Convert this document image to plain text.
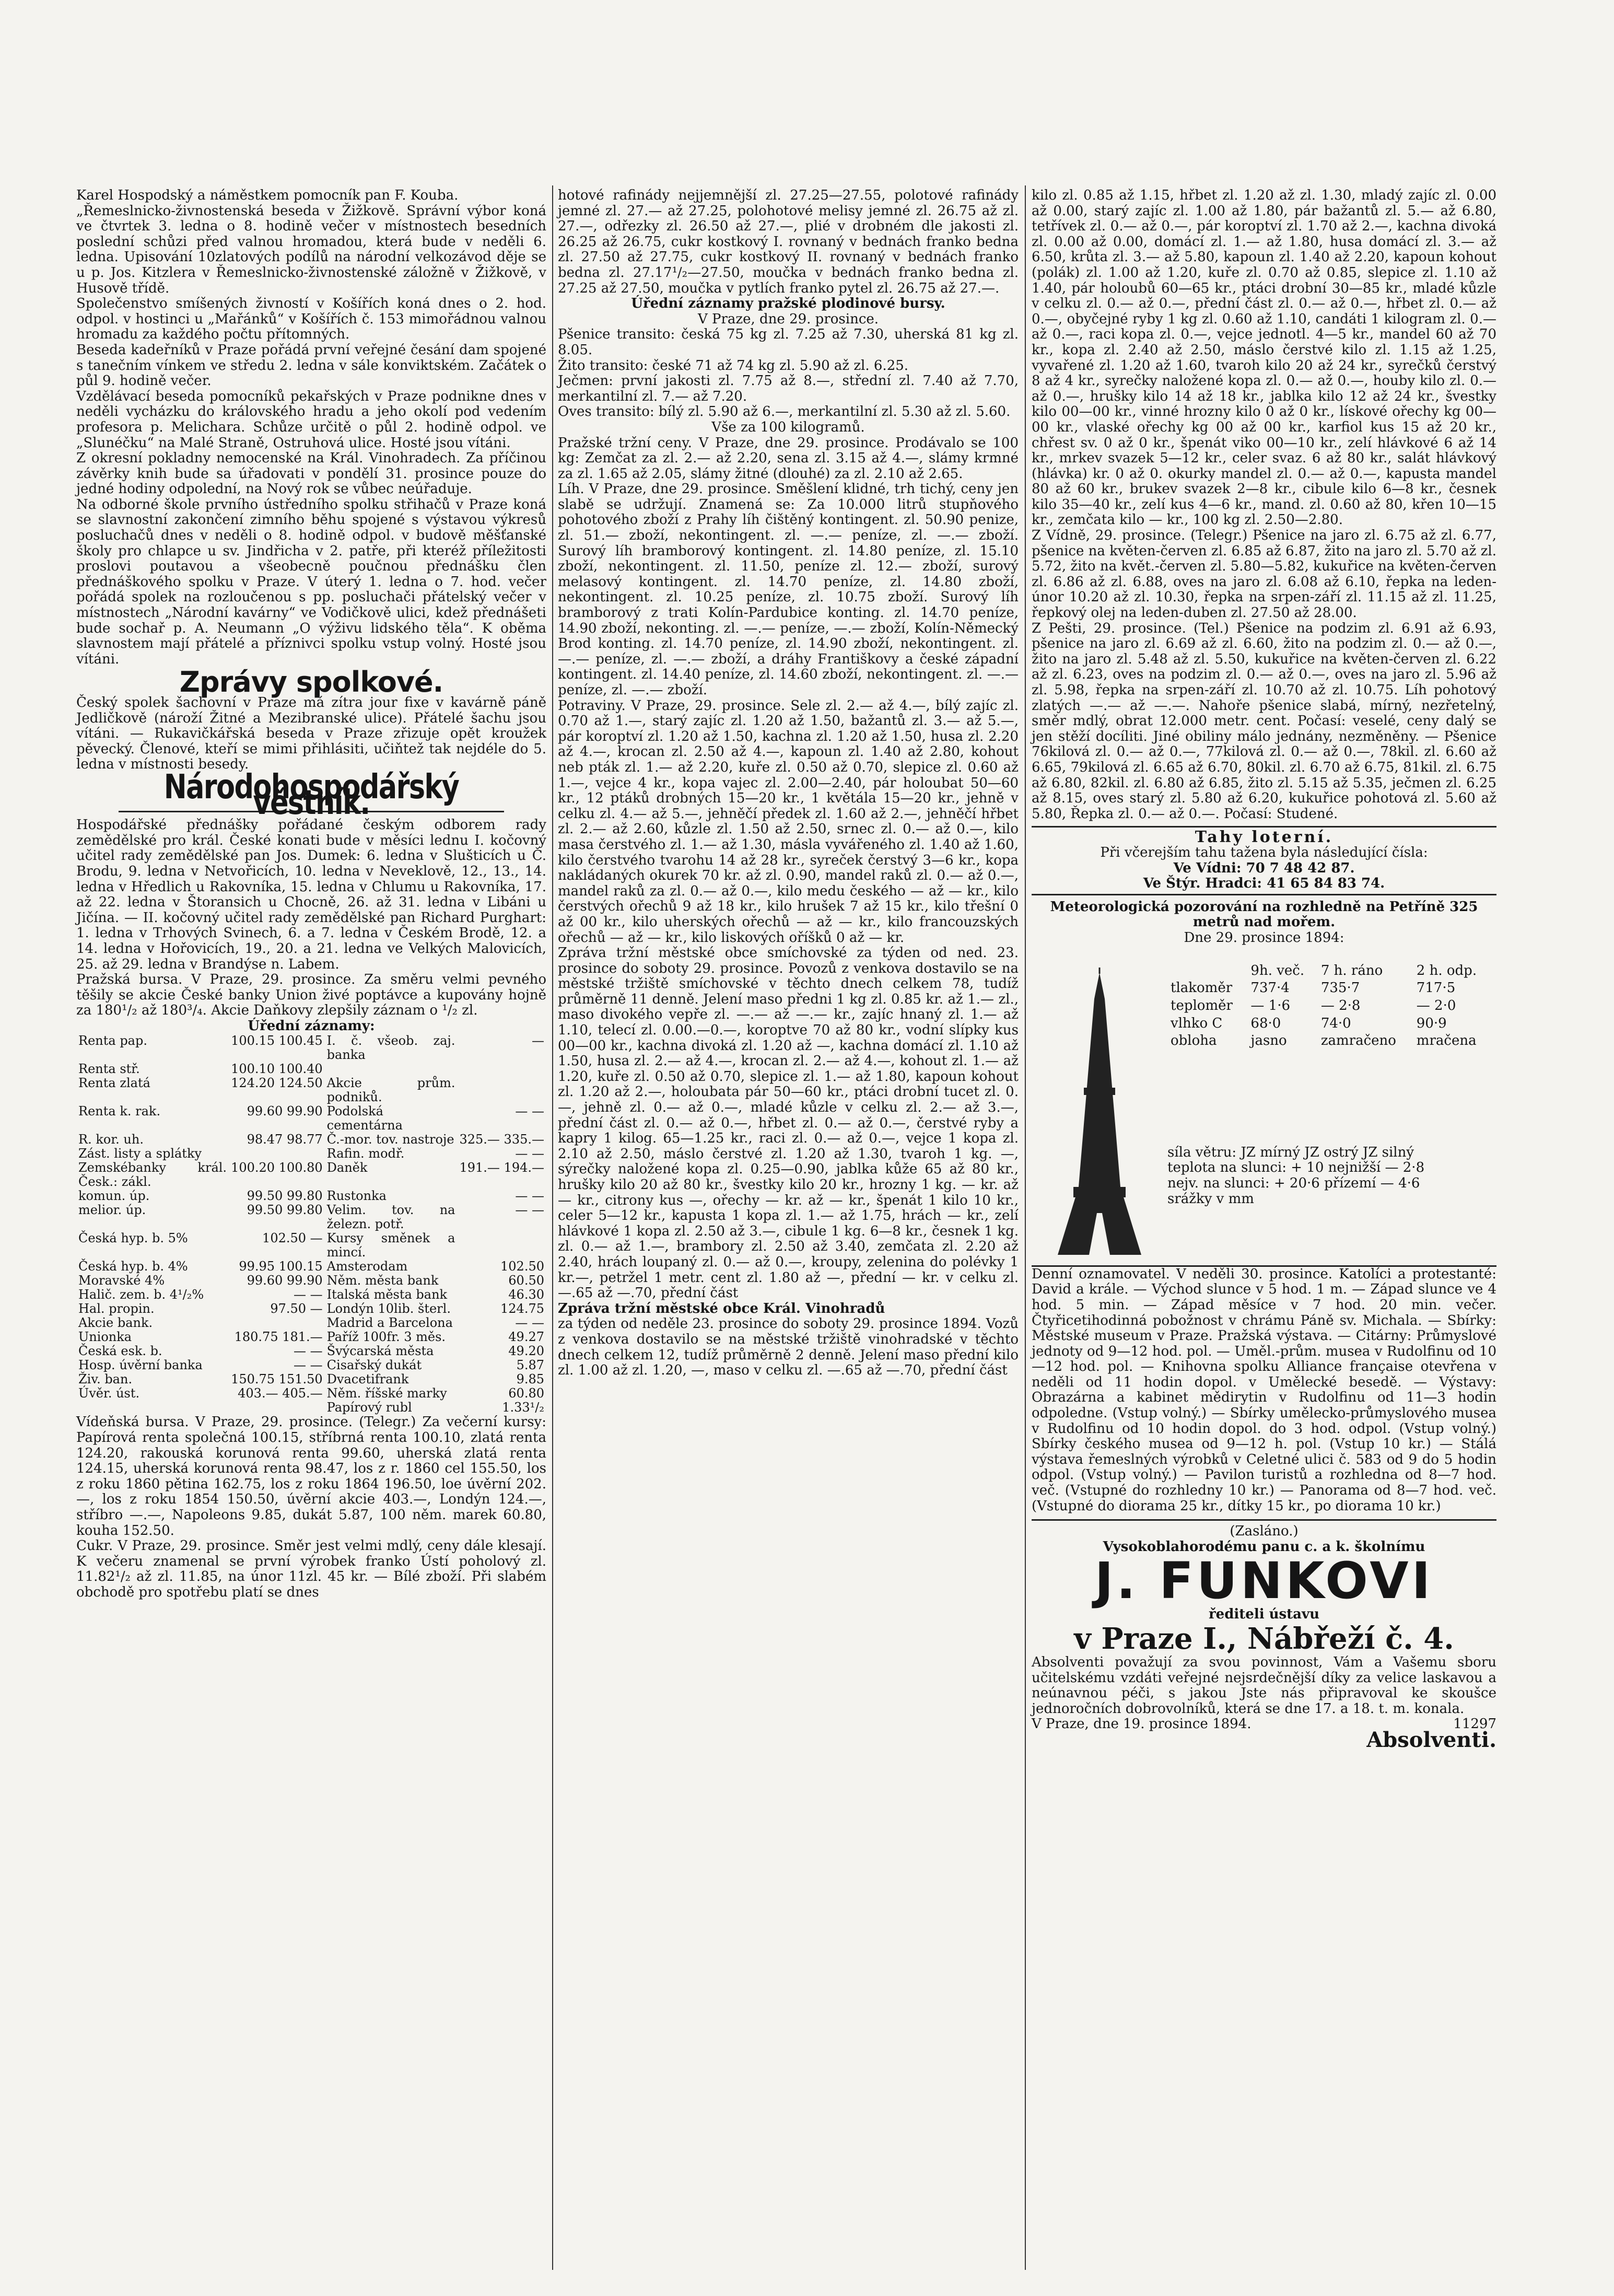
Karel Hospodský a náměstkem pomocník pan F. Kouba.

„Řemeslnicko-živnostenská beseda v Žižkově. Správní výbor koná ve čtvrtek 3. ledna o 8. hodině večer v místnostech besedních poslední schůzi před valnou hromadou, která bude v neděli 6. ledna. Upisování 10zlatových podílů na národní velkozávod děje se u p. Jos. Kitzlera v Řemeslnicko-živnostenské záložně v Žižkově, v Husově třídě.

Společenstvo smíšených živností v Košířích koná dnes o 2. hod. odpol. v hostinci u „Mařánků“ v Košířích č. 153 mimořádnou valnou hromadu za každého počtu přítomných.

Beseda kadeřníků v Praze pořádá první veřejné česání dam spojené s tanečním vínkem ve středu 2. ledna v sále konviktském. Začátek o půl 9. hodině večer.

Vzdělávací beseda pomocníků pekařských v Praze podnikne dnes v neděli vycházku do královského hradu a jeho okolí pod vedením profesora p. Melichara. Schůze určitě o půl 2. hodině odpol. ve „Slunéčku“ na Malé Straně, Ostruhová ulice. Hosté jsou vítáni.

Z okresní pokladny nemocenské na Král. Vinohradech. Za příčinou závěrky knih bude sa úřadovati v pondělí 31. prosince pouze do jedné hodiny odpolední, na Nový rok se vůbec neúřaduje.

Na odborné škole prvního ústředního spolku střihačů v Praze koná se slavnostní zakončení zimního běhu spojené s výstavou výkresů posluchačů dnes v neděli o 8. hodině odpol. v budově měšťanské školy pro chlapce u sv. Jindřicha v 2. patře, při kteréž příležitosti proslovi poutavou a všeobecně poučnou přednášku člen přednáškového spolku v Praze. V úterý 1. ledna o 7. hod. večer pořádá spolek na rozloučenou s pp. posluchači přátelský večer v místnostech „Národní kavárny“ ve Vodičkově ulici, kdež přednášeti bude sochař p. A. Neumann „O výživu lidského těla“. K oběma slavnostem mají přátelé a příznivci spolku vstup volný. Hosté jsou vítáni.

Zprávy spolkové.

Český spolek šachovní v Praze má zítra jour fixe v kavárně páně Jedličkově (nároží Žitné a Mezibranské ulice). Přátelé šachu jsou vítáni. — Rukavičkářská beseda v Praze zřizuje opět kroužek pěvecký. Členové, kteří se mimi přihlásiti, učiňtež tak nejdéle do 5. ledna v místnosti besedy.

Národohospodářský věstník.

Hospodářské přednášky pořádané českým odborem rady zemědělské pro král. České konati bude v měsíci lednu I. kočovný učitel rady zemědělské pan Jos. Dumek: 6. ledna v Slušticích u Č. Brodu, 9. ledna v Netvořicích, 10. ledna v Neveklově, 12., 13., 14. ledna v Hředlich u Rakovníka, 15. ledna v Chlumu u Rakovníka, 17. až 22. ledna v Štoransich u Chocně, 26. až 31. ledna v Libáni u Jičína. — II. kočovný učitel rady zemědělské pan Richard Purghart: 1. ledna v Trhových Svinech, 6. a 7. ledna v Českém Brodě, 12. a 14. ledna v Hořovicích, 19., 20. a 21. ledna ve Velkých Malovicích, 25. až 29. ledna v Brandýse n. Labem.

Pražská bursa. V Praze, 29. prosince. Za směru velmi pevného těšily se akcie České banky Union živé poptávce a kupovány hojně za 180¹/₂ až 180³/₄. Akcie Daňkovy zlepšily záznam o ¹/₂ zl.

Úřední záznamy:
Renta pap.	100.15 100.45	I. č. všeob. zaj. banka	—
Renta stř.	100.10 100.40		
Renta zlatá	124.20 124.50	Akcie prům. podniků.	
Renta k. rak.	99.60 99.90	Podolská cementárna	— —
R. kor. uh.	98.47 98.77	Č.-mor. tov. nastroje	325.— 335.—
Zást. listy a splátky		Rafin. modř.	— —
Zemskébanky král. Česk.: zákl.	100.20 100.80	Daněk	191.— 194.—
komun. úp.	99.50 99.80	Rustonka	— —
melior. úp.	99.50 99.80	Velim. tov. na železn. potř.	— —
Česká hyp. b. 5%	102.50 —	Kursy směnek a mincí.	
Česká hyp. b. 4%	99.95 100.15	Amsterodam	102.50
Moravské 4%	99.60 99.90	Něm. města bank	60.50
Halič. zem. b. 4¹/₂%	— —	Italská města bank	46.30
Hal. propin.	97.50 —	Londýn 10lib. šterl.	124.75
Akcie bank.		Madrid a Barcelona	— —
Unionka	180.75 181.—	Paříž 100fr. 3 měs.	49.27
Česká esk. b.	— —	Švýcarská města	49.20
Hosp. úvěrní banka	— —	Cisařský dukát	5.87
Živ. ban.	150.75 151.50	Dvacetifrank	9.85
Úvěr. úst.	403.— 405.—	Něm. říšské marky	60.80
		Papírový rubl	1.33¹/₂

Vídeňská bursa. V Praze, 29. prosince. (Telegr.) Za večerní kursy: Papírová renta společná 100.15, stříbrná renta 100.10, zlatá renta 124.20, rakouská korunová renta 99.60, uherská zlatá renta 124.15, uherská korunová renta 98.47, los z r. 1860 cel 155.50, los z roku 1860 pětina 162.75, los z roku 1864 196.50, loe úvěrní 202.—, los z roku 1854 150.50, úvěrní akcie 403.—, Londýn 124.—, stříbro —.—, Napoleons 9.85, dukát 5.87, 100 něm. marek 60.80, kouha 152.50.

Cukr. V Praze, 29. prosince. Směr jest velmi mdlý, ceny dále klesají. K večeru znamenal se první výrobek franko Ústí poholový zl. 11.82¹/₂ až zl. 11.85, na únor 11zl. 45 kr. — Bílé zboží. Při slabém obchodě pro spotřebu platí se dnes

hotové rafinády nejjemnější zl. 27.25—27.55, polotové rafinády jemné zl. 27.— až 27.25, polohotové melisy jemné zl. 26.75 až zl. 27.—, odřezky zl. 26.50 až 27.—, plié v drobném dle jakosti zl. 26.25 až 26.75, cukr kostkový I. rovnaný v bednách franko bedna zl. 27.50 až 27.75, cukr kostkový II. rovnaný v bednách franko bedna zl. 27.17¹/₂—27.50, moučka v bednách franko bedna zl. 27.25 až 27.50, moučka v pytlích franko pytel zl. 26.75 až 27.—.

Úřední záznamy pražské plodinové bursy.
V Praze, dne 29. prosince.

Pšenice transito: česká 75 kg zl. 7.25 až 7.30, uherská 81 kg zl. 8.05.

Žito transito: české 71 až 74 kg zl. 5.90 až zl. 6.25.

Ječmen: první jakosti zl. 7.75 až 8.—, střední zl. 7.40 až 7.70, merkantilní zl. 7.— až 7.20.

Oves transito: bílý zl. 5.90 až 6.—, merkantilní zl. 5.30 až zl. 5.60.

Vše za 100 kilogramů.

Pražské tržní ceny. V Praze, dne 29. prosince. Prodávalo se 100 kg: Zemčat za zl. 2.— až 2.20, sena zl. 3.15 až 4.—, slámy krmné za zl. 1.65 až 2.05, slámy žitné (dlouhé) za zl. 2.10 až 2.65.

Líh. V Praze, dne 29. prosince. Směšlení klidné, trh tichý, ceny jen slabě se udržují. Znamená se: Za 10.000 litrů stupňového pohotového zboží z Prahy líh čištěný kontingent. zl. 50.90 penize, zl. 51.— zboží, nekontingent. zl. —.— peníze, zl. —.— zboží. Surový líh bramborový kontingent. zl. 14.80 peníze, zl. 15.10 zboží, nekontingent. zl. 11.50, peníze zl. 12.— zboží, surový melasový kontingent. zl. 14.70 peníze, zl. 14.80 zboží, nekontingent. zl. 10.25 peníze, zl. 10.75 zboží. Surový líh bramborový z trati Kolín-Pardubice konting. zl. 14.70 peníze, 14.90 zboží, nekonting. zl. —.— peníze, —.— zboží, Kolín-Německý Brod konting. zl. 14.70 peníze, zl. 14.90 zboží, nekontingent. zl. —.— peníze, zl. —.— zboží, a dráhy Františkovy a české západní kontingent. zl. 14.40 peníze, zl. 14.60 zboží, nekontingent. zl. —.— peníze, zl. —.— zboží.

Potraviny. V Praze, 29. prosince. Sele zl. 2.— až 4.—, bílý zajíc zl. 0.70 až 1.—, starý zajíc zl. 1.20 až 1.50, bažantů zl. 3.— až 5.—, pár koroptví zl. 1.20 až 1.50, kachna zl. 1.20 až 1.50, husa zl. 2.20 až 4.—, krocan zl. 2.50 až 4.—, kapoun zl. 1.40 až 2.80, kohout neb pták zl. 1.— až 2.20, kuře zl. 0.50 až 0.70, slepice zl. 0.60 až 1.—, vejce 4 kr., kopa vajec zl. 2.00—2.40, pár holoubat 50—60 kr., 12 ptáků drobných 15—20 kr., 1 květála 15—20 kr., jehně v celku zl. 4.— až 5.—, jehněčí předek zl. 1.60 až 2.—, jehněčí hřbet zl. 2.— až 2.60, kůzle zl. 1.50 až 2.50, srnec zl. 0.— až 0.—, kilo masa čerstvého zl. 1.— až 1.30, másla vyvářeného zl. 1.40 až 1.60, kilo čerstvého tvarohu 14 až 28 kr., syreček čerstvý 3—6 kr., kopa nakládaných okurek 70 kr. až zl. 0.90, mandel raků zl. 0.— až 0.—, mandel raků za zl. 0.— až 0.—, kilo medu českého — až — kr., kilo čerstvých ořechů 9 až 18 kr., kilo hrušek 7 až 15 kr., kilo třešní 0 až 00 kr., kilo uherských ořechů — až — kr., kilo francouzských ořechů — až — kr., kilo liskových oříšků 0 až — kr.

Zpráva tržní městské obce smíchovské za týden od ned. 23. prosince do soboty 29. prosince. Povozů z venkova dostavilo se na městské tržiště smíchovské v těchto dnech celkem 78, tudíž průměrně 11 denně. Jelení maso předni 1 kg zl. 0.85 kr. až 1.— zl., maso divokého vepře zl. —.— až —.— kr., zajíc hnaný zl. 1.— až 1.10, telecí zl. 0.00.—0.—, koroptve 70 až 80 kr., vodní slípky kus 00—00 kr., kachna divoká zl. 1.20 až —, kachna domácí zl. 1.10 až 1.50, husa zl. 2.— až 4.—, krocan zl. 2.— až 4.—, kohout zl. 1.— až 1.20, kuře zl. 0.50 až 0.70, slepice zl. 1.— až 1.80, kapoun kohout zl. 1.20 až 2.—, holoubata pár 50—60 kr., ptáci drobní tucet zl. 0.—, jehně zl. 0.— až 0.—, mladé kůzle v celku zl. 2.— až 3.—, přední část zl. 0.— až 0.—, hřbet zl. 0.— až 0.—, čerstvé ryby a kapry 1 kilog. 65—1.25 kr., raci zl. 0.— až 0.—, vejce 1 kopa zl. 2.10 až 2.50, máslo čerstvé zl. 1.20 až 1.30, tvaroh 1 kg. —, sýrečky naložené kopa zl. 0.25—0.90, jablka kůže 65 až 80 kr., hrušky kilo 20 až 80 kr., švestky kilo 20 kr., hrozny 1 kg. — kr. až — kr., citrony kus —, ořechy — kr. až — kr., špenát 1 kilo 10 kr., celer 5—12 kr., kapusta 1 kopa zl. 1.— až 1.75, hrách — kr., zelí hlávkové 1 kopa zl. 2.50 až 3.—, cibule 1 kg. 6—8 kr., česnek 1 kg. zl. 0.— až 1.—, brambory zl. 2.50 až 3.40, zemčata zl. 2.20 až 2.40, hrách loupaný zl. 0.— až 0.—, kroupy, zelenina do polévky 1 kr.—, petržel 1 metr. cent zl. 1.80 až —, přední — kr. v celku zl. —.65 až —.70, přední část

Zpráva tržní městské obce Král. Vinohradů

za týden od neděle 23. prosince do soboty 29. prosince 1894. Vozů z venkova dostavilo se na městské tržiště vinohradské v těchto dnech celkem 12, tudíž průměrně 2 denně. Jelení maso přední kilo zl. 1.00 až zl. 1.20, —, maso v celku zl. —.65 až —.70, přední část

kilo zl. 0.85 až 1.15, hřbet zl. 1.20 až zl. 1.30, mladý zajíc zl. 0.00 až 0.00, starý zajíc zl. 1.00 až 1.80, pár bažantů zl. 5.— až 6.80, tetřívek zl. 0.— až 0.—, pár koroptví zl. 1.70 až 2.—, kachna divoká zl. 0.00 až 0.00, domácí zl. 1.— až 1.80, husa domácí zl. 3.— až 6.50, krůta zl. 3.— až 5.80, kapoun zl. 1.40 až 2.20, kapoun kohout (polák) zl. 1.00 až 1.20, kuře zl. 0.70 až 0.85, slepice zl. 1.10 až 1.40, pár holoubů 60—65 kr., ptáci drobní 30—85 kr., mladé kůzle v celku zl. 0.— až 0.—, přední část zl. 0.— až 0.—, hřbet zl. 0.— až 0.—, obyčejné ryby 1 kg zl. 0.60 až 1.10, candáti 1 kilogram zl. 0.— až 0.—, raci kopa zl. 0.—, vejce jednotl. 4—5 kr., mandel 60 až 70 kr., kopa zl. 2.40 až 2.50, máslo čerstvé kilo zl. 1.15 až 1.25, vyvařené zl. 1.20 až 1.60, tvaroh kilo 20 až 24 kr., syrečků čerstvý 8 až 4 kr., syrečky naložené kopa zl. 0.— až 0.—, houby kilo zl. 0.— až 0.—, hrušky kilo 14 až 18 kr., jablka kilo 12 až 24 kr., švestky kilo 00—00 kr., vinné hrozny kilo 0 až 0 kr., lískové ořechy kg 00—00 kr., vlaské ořechy kg 00 až 00 kr., karfiol kus 15 až 20 kr., chřest sv. 0 až 0 kr., špenát viko 00—10 kr., zelí hlávkové 6 až 14 kr., mrkev svazek 5—12 kr., celer svaz. 6 až 80 kr., salát hlávkový (hlávka) kr. 0 až 0. okurky mandel zl. 0.— až 0.—, kapusta mandel 80 až 60 kr., brukev svazek 2—8 kr., cibule kilo 6—8 kr., česnek kilo 35—40 kr., zelí kus 4—6 kr., mand. zl. 0.60 až 80, křen 10—15 kr., zemčata kilo — kr., 100 kg zl. 2.50—2.80.

Z Vídně, 29. prosince. (Telegr.) Pšenice na jaro zl. 6.75 až zl. 6.77, pšenice na květen-červen zl. 6.85 až 6.87, žito na jaro zl. 5.70 až zl. 5.72, žito na květ.-červen zl. 5.80—5.82, kukuřice na květen-červen zl. 6.86 až zl. 6.88, oves na jaro zl. 6.08 až 6.10, řepka na leden-únor 10.20 až zl. 10.30, řepka na srpen-září zl. 11.15 až zl. 11.25, řepkový olej na leden-duben zl. 27.50 až 28.00.

Z Pešti, 29. prosince. (Tel.) Pšenice na podzim zl. 6.91 až 6.93, pšenice na jaro zl. 6.69 až zl. 6.60, žito na podzim zl. 0.— až 0.—, žito na jaro zl. 5.48 až zl. 5.50, kukuřice na květen-červen zl. 6.22 až zl. 6.23, oves na podzim zl. 0.— až 0.—, oves na jaro zl. 5.96 až zl. 5.98, řepka na srpen-září zl. 10.70 až zl. 10.75. Líh pohotový zlatých —.— až —.—. Nahoře pšenice slabá, mírný, nezřetelný, směr mdlý, obrat 12.000 metr. cent. Počasí: veselé, ceny dalý se jen stěží docíliti. Jiné obiliny málo jednány, nezměněny. — Pšenice 76kilová zl. 0.— až 0.—, 77kilová zl. 0.— až 0.—, 78kil. zl. 6.60 až 6.65, 79kilová zl. 6.65 až 6.70, 80kil. zl. 6.70 až 6.75, 81kil. zl. 6.75 až 6.80, 82kil. zl. 6.80 až 6.85, žito zl. 5.15 až 5.35, ječmen zl. 6.25 až 8.15, oves starý zl. 5.80 až 6.20, kukuřice pohotová zl. 5.60 až 5.80, Řepka zl. 0.— až 0.—. Počasí: Studené.

Tahy loterní.
Při včerejším tahu tažena byla následující čísla:
Ve Vídni: 70 7 48 42 87.
Ve Štýr. Hradci: 41 65 84 83 74.
Meteorologická pozorování na rozhledně na Petříně 325 metrů nad mořem.
Dne 29. prosince 1894:
	9h. več.	7 h. ráno	2 h. odp.
tlakoměr	737·4	735·7	717·5
teploměr	— 1·6	— 2·8	— 2·0
vlhko C	68·0	74·0	90·9
obloha	jasno	zamračeno	mračena
síla větru: JZ mírný JZ ostrý JZ silný
teplota na slunci: + 10 nejnižší — 2·8
nejv. na slunci: + 20·6 přízemí — 4·6
srážky v mm

Denní oznamovatel. V neděli 30. prosince. Katolíci a protestanté: David a krále. — Východ slunce v 5 hod. 1 m. — Západ slunce ve 4 hod. 5 min. — Západ měsíce v 7 hod. 20 min. večer. Čtyřicetihodinná pobožnost v chrámu Páně sv. Michala. — Sbírky: Městské museum v Praze. Pražská výstava. — Citárny: Průmyslové jednoty od 9—12 hod. pol. — Uměl.-prům. musea v Rudolfinu od 10—12 hod. pol. — Knihovna spolku Alliance française otevřena v neděli od 11 hodin dopol. v Umělecké besedě. — Výstavy: Obrazárna a kabinet mědirytin v Rudolfinu od 11—3 hodin odpoledne. (Vstup volný.) — Sbírky umělecko-průmyslového musea v Rudolfinu od 10 hodin dopol. do 3 hod. odpol. (Vstup volný.) Sbírky českého musea od 9—12 h. pol. (Vstup 10 kr.) — Stálá výstava řemeslných výrobků v Celetné ulici č. 583 od 9 do 5 hodin odpol. (Vstup volný.) — Pavilon turistů a rozhledna od 8—7 hod. več. (Vstupné do rozhledny 10 kr.) — Panorama od 8—7 hod. več. (Vstupné do diorama 25 kr., dítky 15 kr., po diorama 10 kr.)

(Zasláno.)
Vysokoblahorodému panu c. a k. školnímu
J. FUNKOVI
řediteli ústavu
v Praze I., Nábřeží č. 4.

Absolventi považují za svou povinnost, Vám a Vašemu sboru učitelskému vzdáti veřejné nejsrdečnější díky za velice laskavou a neúnavnou péči, s jakou Jste nás připravoval ke skoušce jednoročních dobrovolníků, která se dne 17. a 18. t. m. konala.

V Praze, dne 19. prosince 1894.	11297
Absolventi.
